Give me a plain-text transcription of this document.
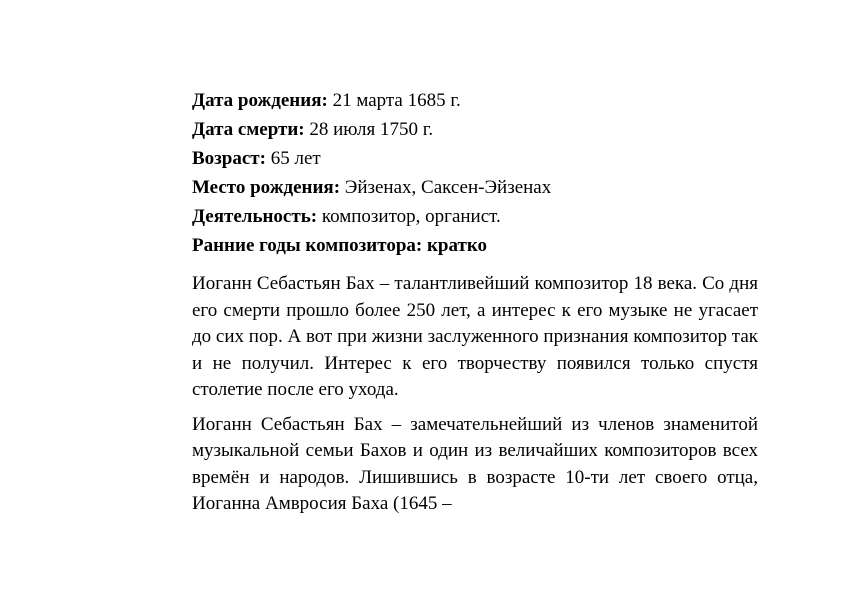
Дата рождения: 21 марта 1685 г.
Дата смерти: 28 июля 1750 г.
Возраст: 65 лет
Место рождения: Эйзенах, Саксен-Эйзенах
Деятельность: композитор, органист.
Ранние годы композитора: кратко

Иоганн Себастьян Бах – талантливейший композитор 18 века. Со дня его смерти прошло более 250 лет, а интерес к его музыке не угасает до сих пор. А вот при жизни заслуженного признания композитор так и не получил. Интерес к его творчеству появился только спустя столетие после его ухода.

Иоганн Себастьян Бах – замечательнейший из членов знаменитой музыкальной семьи Бахов и один из величайших композиторов всех времён и народов. Лишившись в возрасте 10-ти лет своего отца, Иоганна Амвросия Баха (1645 –
